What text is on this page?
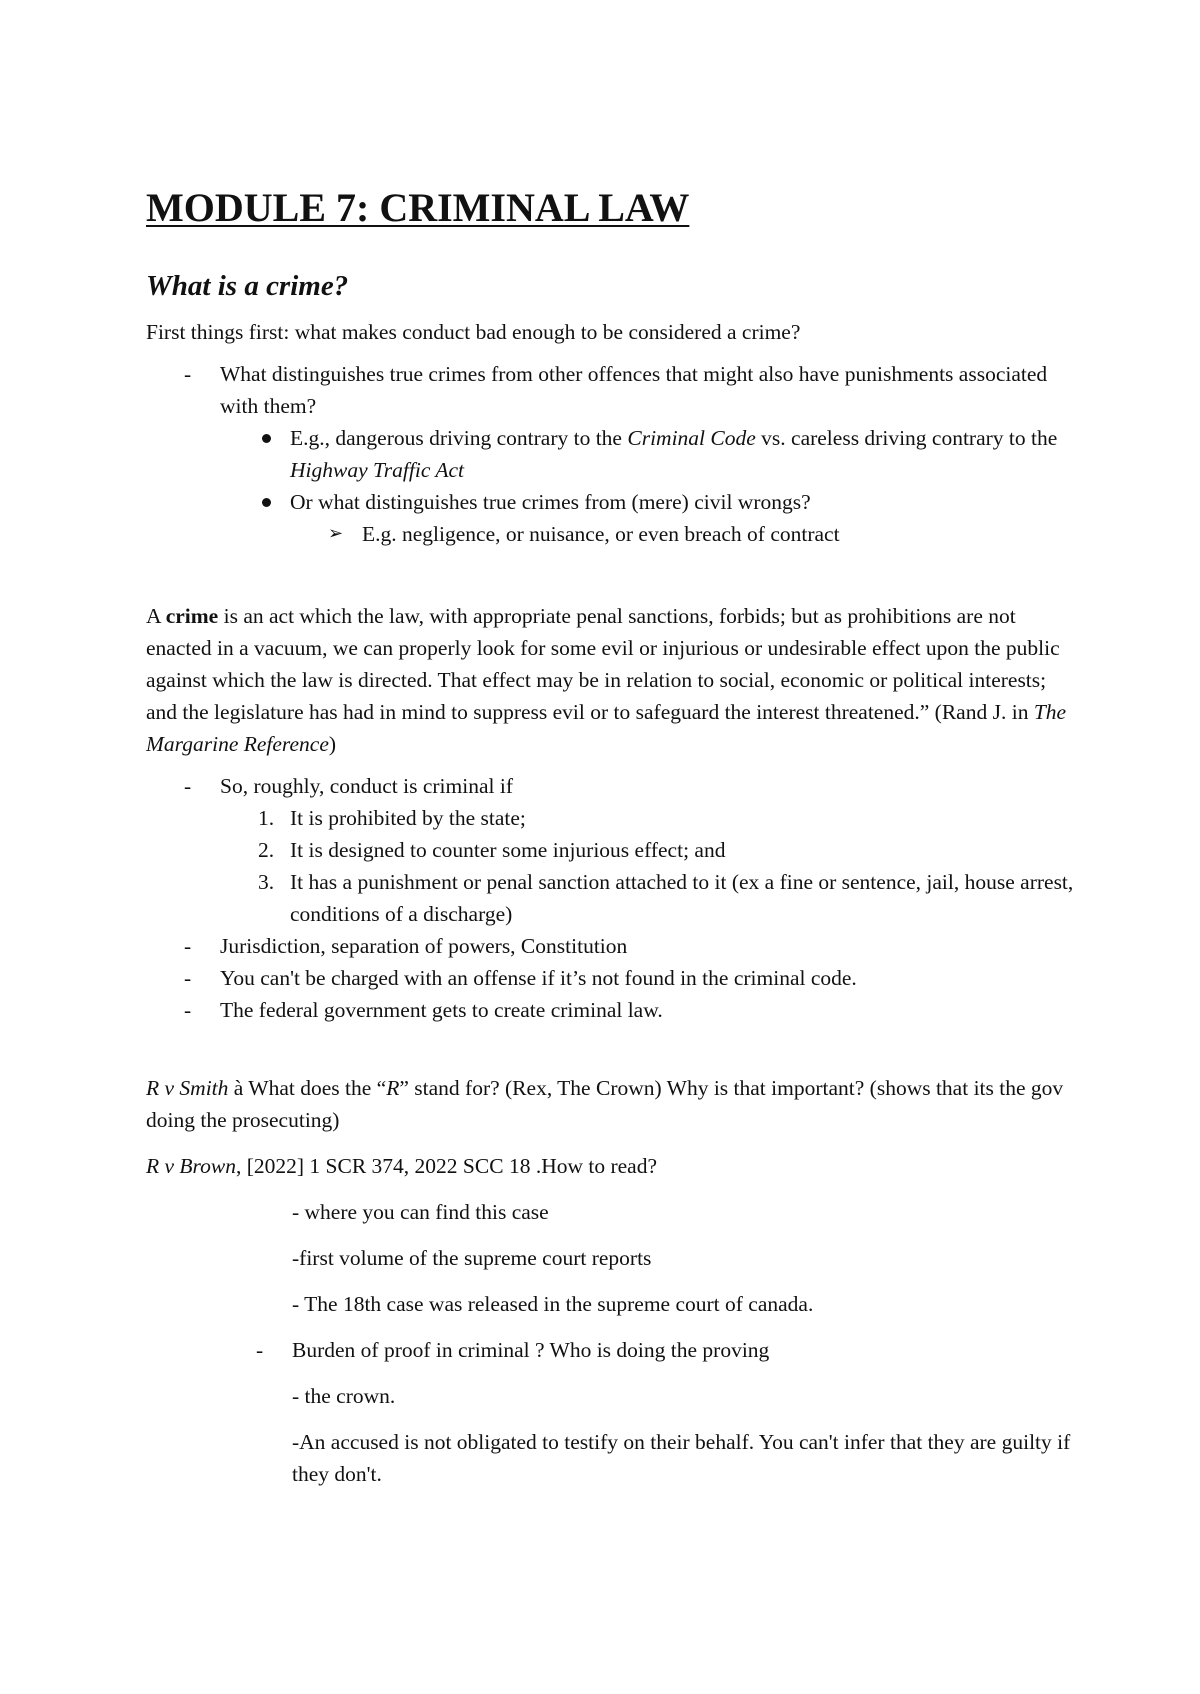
MODULE 7: CRIMINAL LAW
What is a crime?

First things first: what makes conduct bad enough to be considered a crime?

-	What distinguishes true crimes from other offences that might also have punishments associated with them?
E.g., dangerous driving contrary to the Criminal Code vs. careless driving contrary to the Highway Traffic Act
Or what distinguishes true crimes from (mere) civil wrongs?
➢ E.g. negligence, or nuisance, or even breach of contract

A crime is an act which the law, with appropriate penal sanctions, forbids; but as prohibitions are not enacted in a vacuum, we can properly look for some evil or injurious or undesirable effect upon the public against which the law is directed. That effect may be in relation to social, economic or political interests; and the legislature has had in mind to suppress evil or to safeguard the interest threatened.” (Rand J. in The Margarine Reference)

-	So, roughly, conduct is criminal if
1. It is prohibited by the state;
2. It is designed to counter some injurious effect; and
3. It has a punishment or penal sanction attached to it (ex a fine or sentence, jail, house arrest, conditions of a discharge)
-	Jurisdiction, separation of powers, Constitution
-	You can't be charged with an offense if it’s not found in the criminal code.
-	The federal government gets to create criminal law.

R v Smith à What does the “R” stand for? (Rex, The Crown) Why is that important? (shows that its the gov doing the prosecuting)

R v Brown, [2022] 1 SCR 374, 2022 SCC 18 .How to read?

- where you can find this case

-first volume of the supreme court reports

- The 18th case was released in the supreme court of canada.

-	Burden of proof in criminal ? Who is doing the proving

- the crown.

-An accused is not obligated to testify on their behalf. You can't infer that they are guilty if they don't.
